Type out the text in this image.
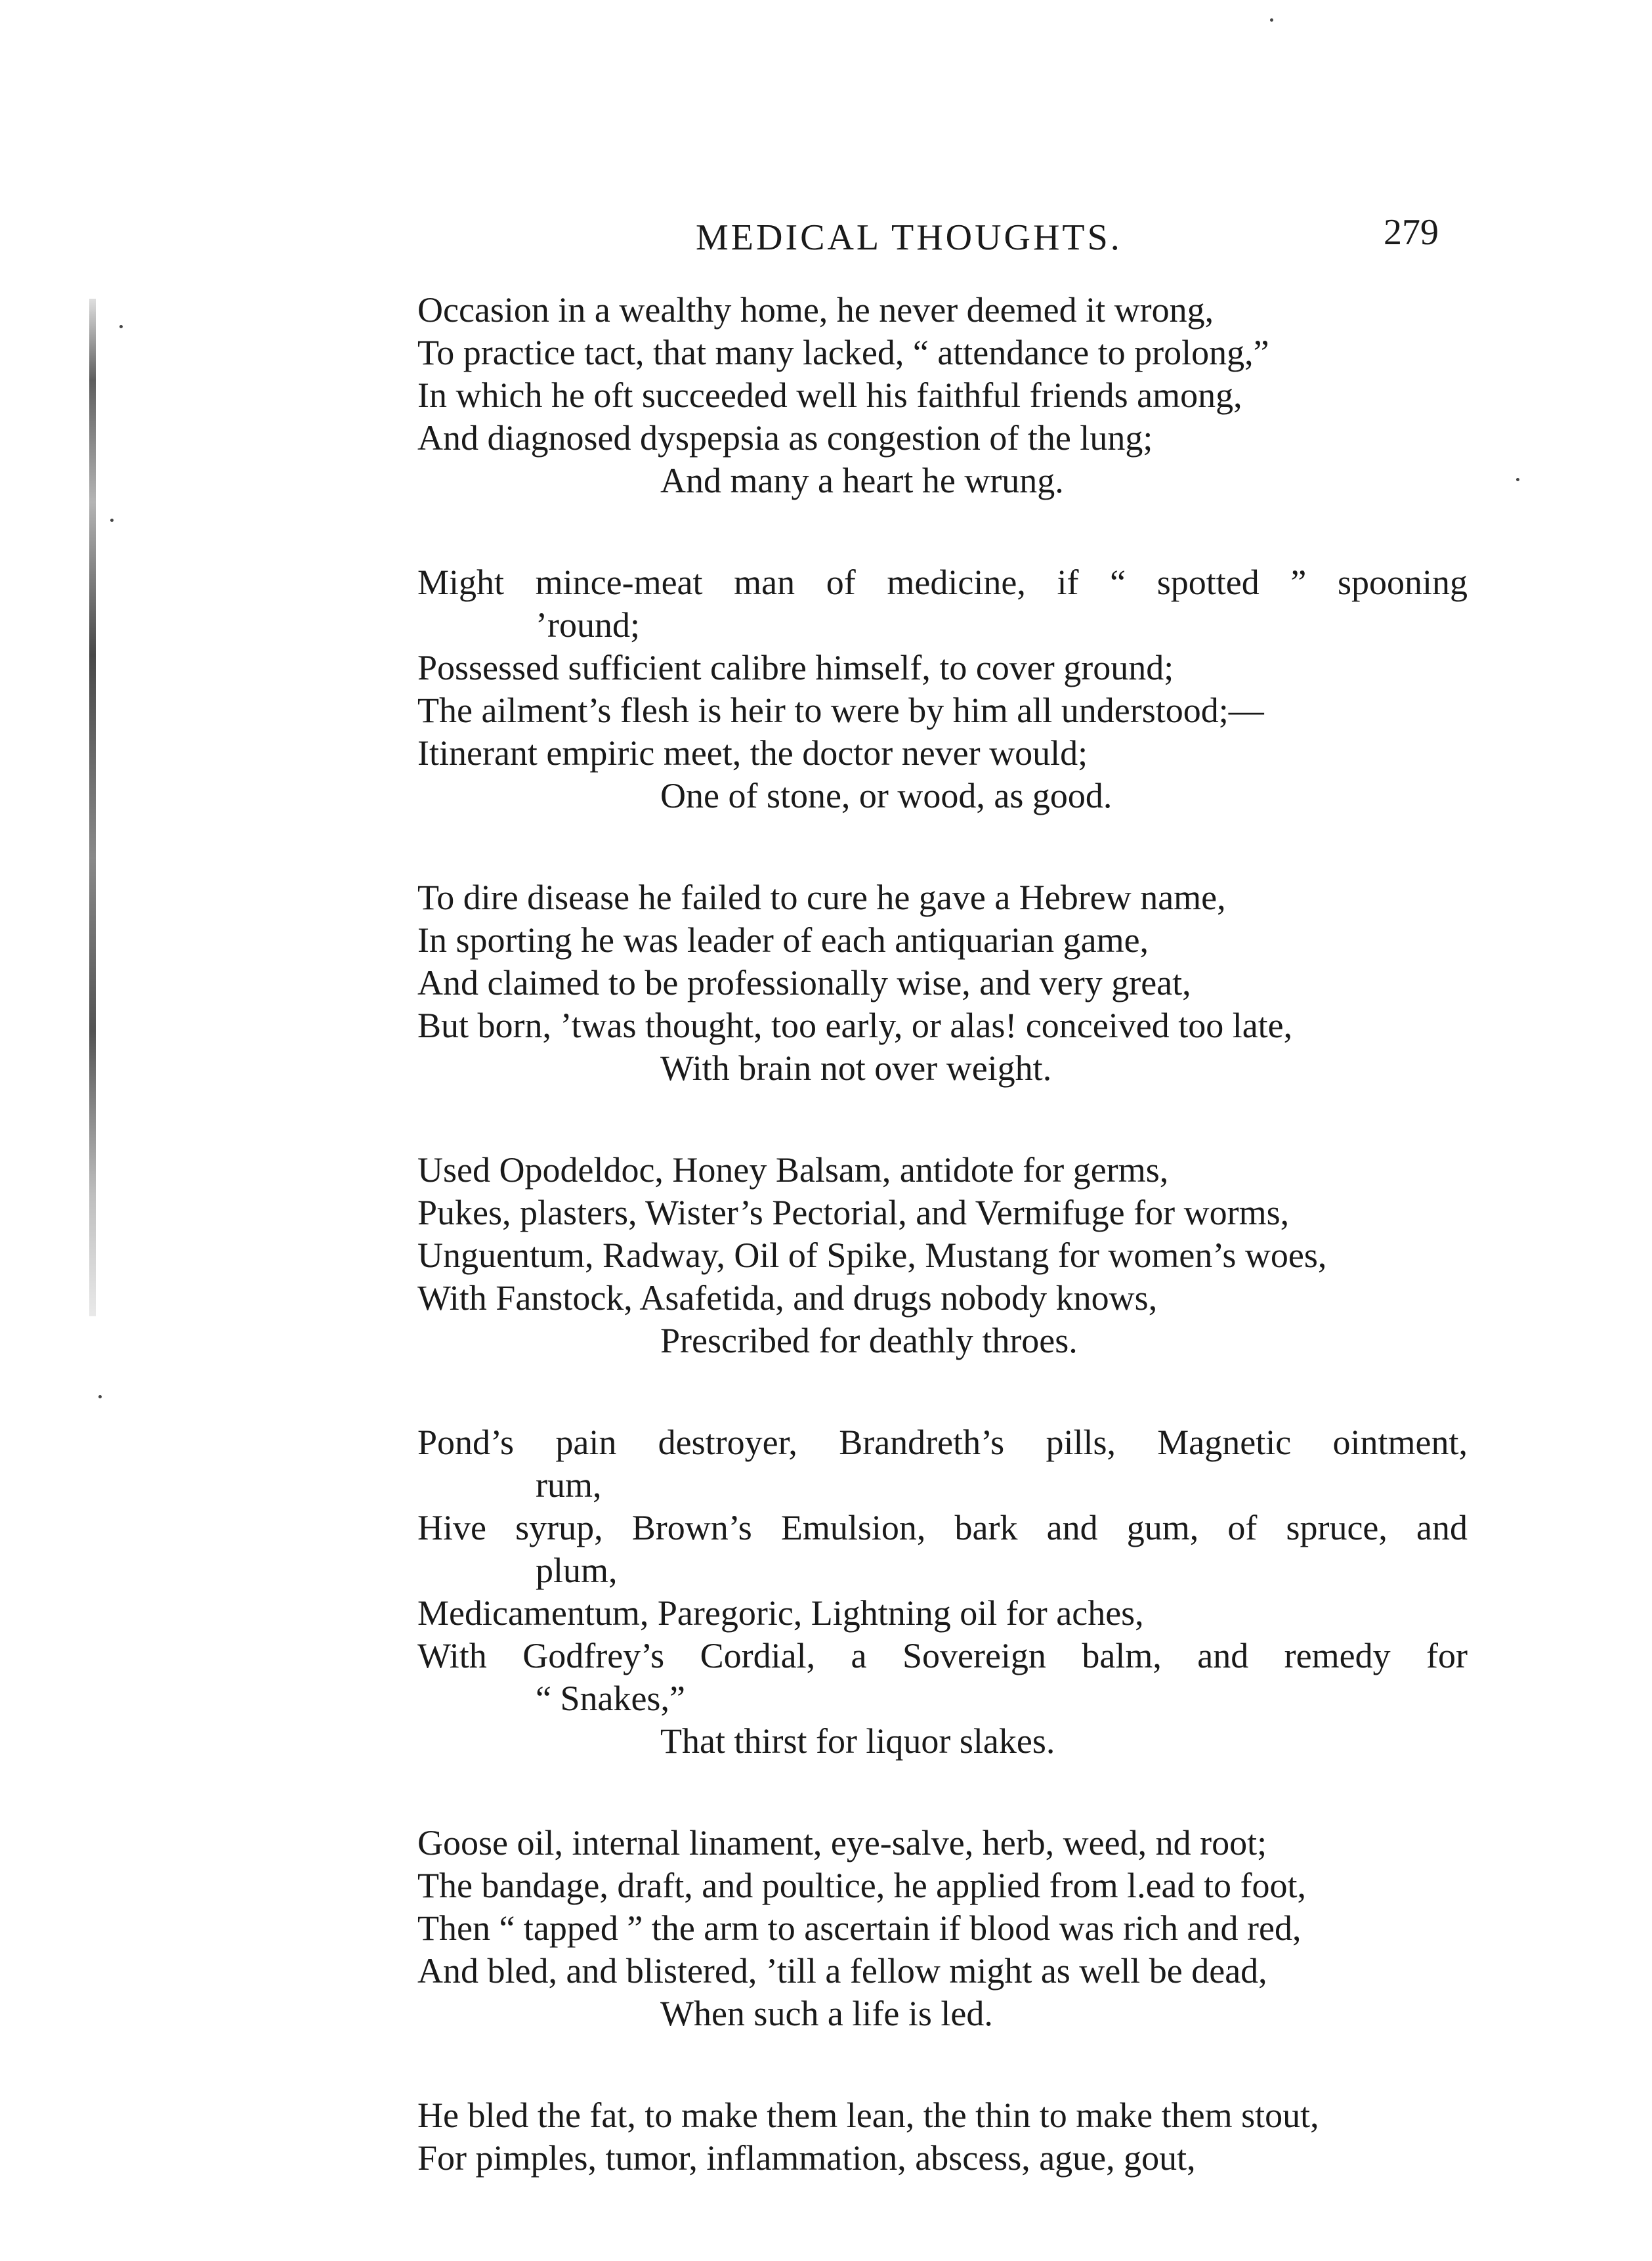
MEDICAL THOUGHTS.	279
Occasion in a wealthy home, he never deemed it wrong,
To practice tact, that many lacked, “ attendance to prolong,”
In which he oft succeeded well his faithful friends among,
And diagnosed dyspepsia as congestion of the lung;
And many a heart he wrung.
Might mince-meat man of medicine, if “ spotted ” spooning
’round;
Possessed sufficient calibre himself, to cover ground;
The ailment’s flesh is heir to were by him all understood;—
Itinerant empiric meet, the doctor never would;
One of stone, or wood, as good.
To dire disease he failed to cure he gave a Hebrew name,
In sporting he was leader of each antiquarian game,
And claimed to be professionally wise, and very great,
But born, ’twas thought, too early, or alas! conceived too late,
With brain not over weight.
Used Opodeldoc, Honey Balsam, antidote for germs,
Pukes, plasters, Wister’s Pectorial, and Vermifuge for worms,
Unguentum, Radway, Oil of Spike, Mustang for women’s woes,
With Fanstock, Asafetida, and drugs nobody knows,
Prescribed for deathly throes.
Pond’s pain destroyer, Brandreth’s pills, Magnetic ointment,
rum,
Hive syrup, Brown’s Emulsion, bark and gum, of spruce, and
plum,
Medicamentum, Paregoric, Lightning oil for aches,
With Godfrey’s Cordial, a Sovereign balm, and remedy for
“ Snakes,”
That thirst for liquor slakes.
Goose oil, internal linament, eye-salve, herb, weed, nd root;
The bandage, draft, and poultice, he applied from l.ead to foot,
Then “ tapped ” the arm to ascertain if blood was rich and red,
And bled, and blistered, ’till a fellow might as well be dead,
When such a life is led.
He bled the fat, to make them lean, the thin to make them stout,
For pimples, tumor, inflammation, abscess, ague, gout,
